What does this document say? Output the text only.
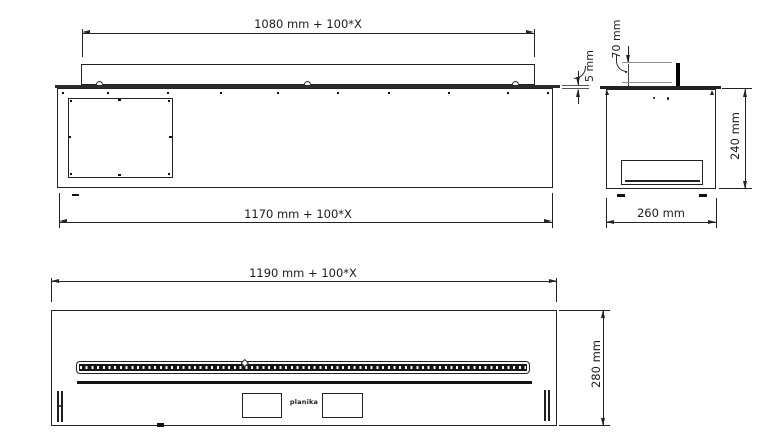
1080 mm + 100*X
1170 mm + 100*X
5 mm
70 mm
240 mm
260 mm
1190 mm + 100*X
planika
280 mm
